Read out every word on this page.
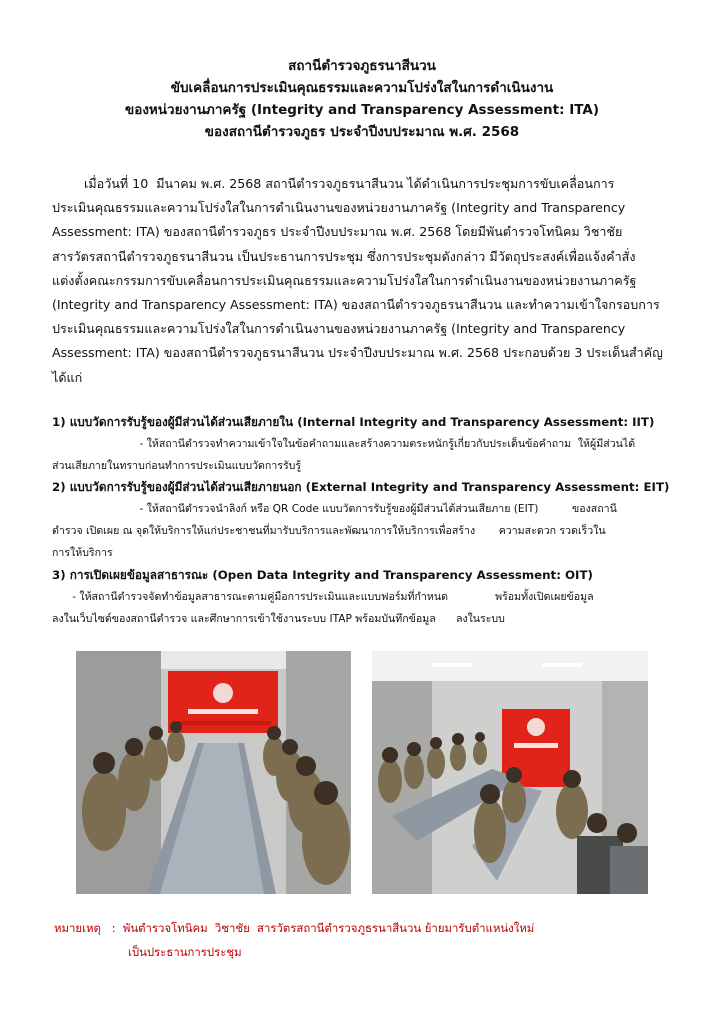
สถานีตำรวจภูธรนาสีนวน
ขับเคลื่อนการประเมินคุณธรรมและความโปร่งใสในการดำเนินงาน
ของหน่วยงานภาครัฐ (Integrity and Transparency Assessment: ITA)
ของสถานีตำรวจภูธร ประจำปีงบประมาณ พ.ศ. 2568
เมื่อวันที่ 10  มีนาคม พ.ศ. 2568 สถานีตำรวจภูธรนาสีนวน ได้ดำเนินการประชุมการขับเคลื่อนการ
ประเมินคุณธรรมและความโปร่งใสในการดำเนินงานของหน่วยงานภาครัฐ (Integrity and Transparency
Assessment: ITA) ของสถานีตำรวจภูธร ประจำปีงบประมาณ พ.ศ. 2568 โดยมีพันตำรวจโทนิคม วิชาชัย
สารวัตรสถานีตำรวจภูธรนาสีนวน เป็นประธานการประชุม ซึ่งการประชุมดังกล่าว มีวัตถุประสงค์เพื่อแจ้งคำสั่ง
แต่งตั้งคณะกรรมการขับเคลื่อนการประเมินคุณธรรมและความโปร่งใสในการดำเนินงานของหน่วยงานภาครัฐ
(Integrity and Transparency Assessment: ITA) ของสถานีตำรวจภูธรนาสีนวน และทำความเข้าใจกรอบการ
ประเมินคุณธรรมและความโปร่งใสในการดำเนินงานของหน่วยงานภาครัฐ (Integrity and Transparency
Assessment: ITA) ของสถานีตำรวจภูธรนาสีนวน ประจำปีงบประมาณ พ.ศ. 2568 ประกอบด้วย 3 ประเด็นสำคัญ
ได้แก่
1) แบบวัดการรับรู้ของผู้มีส่วนได้ส่วนเสียภายใน (Internal Integrity and Transparency Assessment: IIT)
- ให้สถานีตำรวจทำความเข้าใจในข้อคำถามและสร้างความตระหนักรู้เกี่ยวกับประเด็นข้อคำถาม  ให้ผู้มีส่วนได้
ส่วนเสียภายในทราบก่อนทำการประเมินแบบวัดการรับรู้
2) แบบวัดการรับรู้ของผู้มีส่วนได้ส่วนเสียภายนอก (External Integrity and Transparency Assessment: EIT)
- ให้สถานีตำรวจนำลิงก์ หรือ QR Code แบบวัดการรับรู้ของผู้มีส่วนได้ส่วนเสียภาย (EIT)          ของสถานี
ตำรวจ เปิดเผย ณ จุดให้บริการให้แก่ประชาชนที่มารับบริการและพัฒนาการให้บริการเพื่อสร้าง       ความสะดวก รวดเร็วใน
การให้บริการ
3) การเปิดเผยข้อมูลสาธารณะ (Open Data Integrity and Transparency Assessment: OIT)
- ให้สถานีตำรวจจัดทำข้อมูลสาธารณะตามคู่มือการประเมินและแบบฟอร์มที่กำหนด              พร้อมทั้งเปิดเผยข้อมูล
ลงในเว็บไซต์ของสถานีตำรวจ และศึกษาการเข้าใช้งานระบบ ITAP พร้อมบันทึกข้อมูล      ลงในระบบ
หมายเหตุ   :  พันตำรวจโทนิคม  วิชาชัย  สารวัตรสถานีตำรวจภูธรนาสีนวน ย้ายมารับตำแหน่งใหม่
เป็นประธานการประชุม
